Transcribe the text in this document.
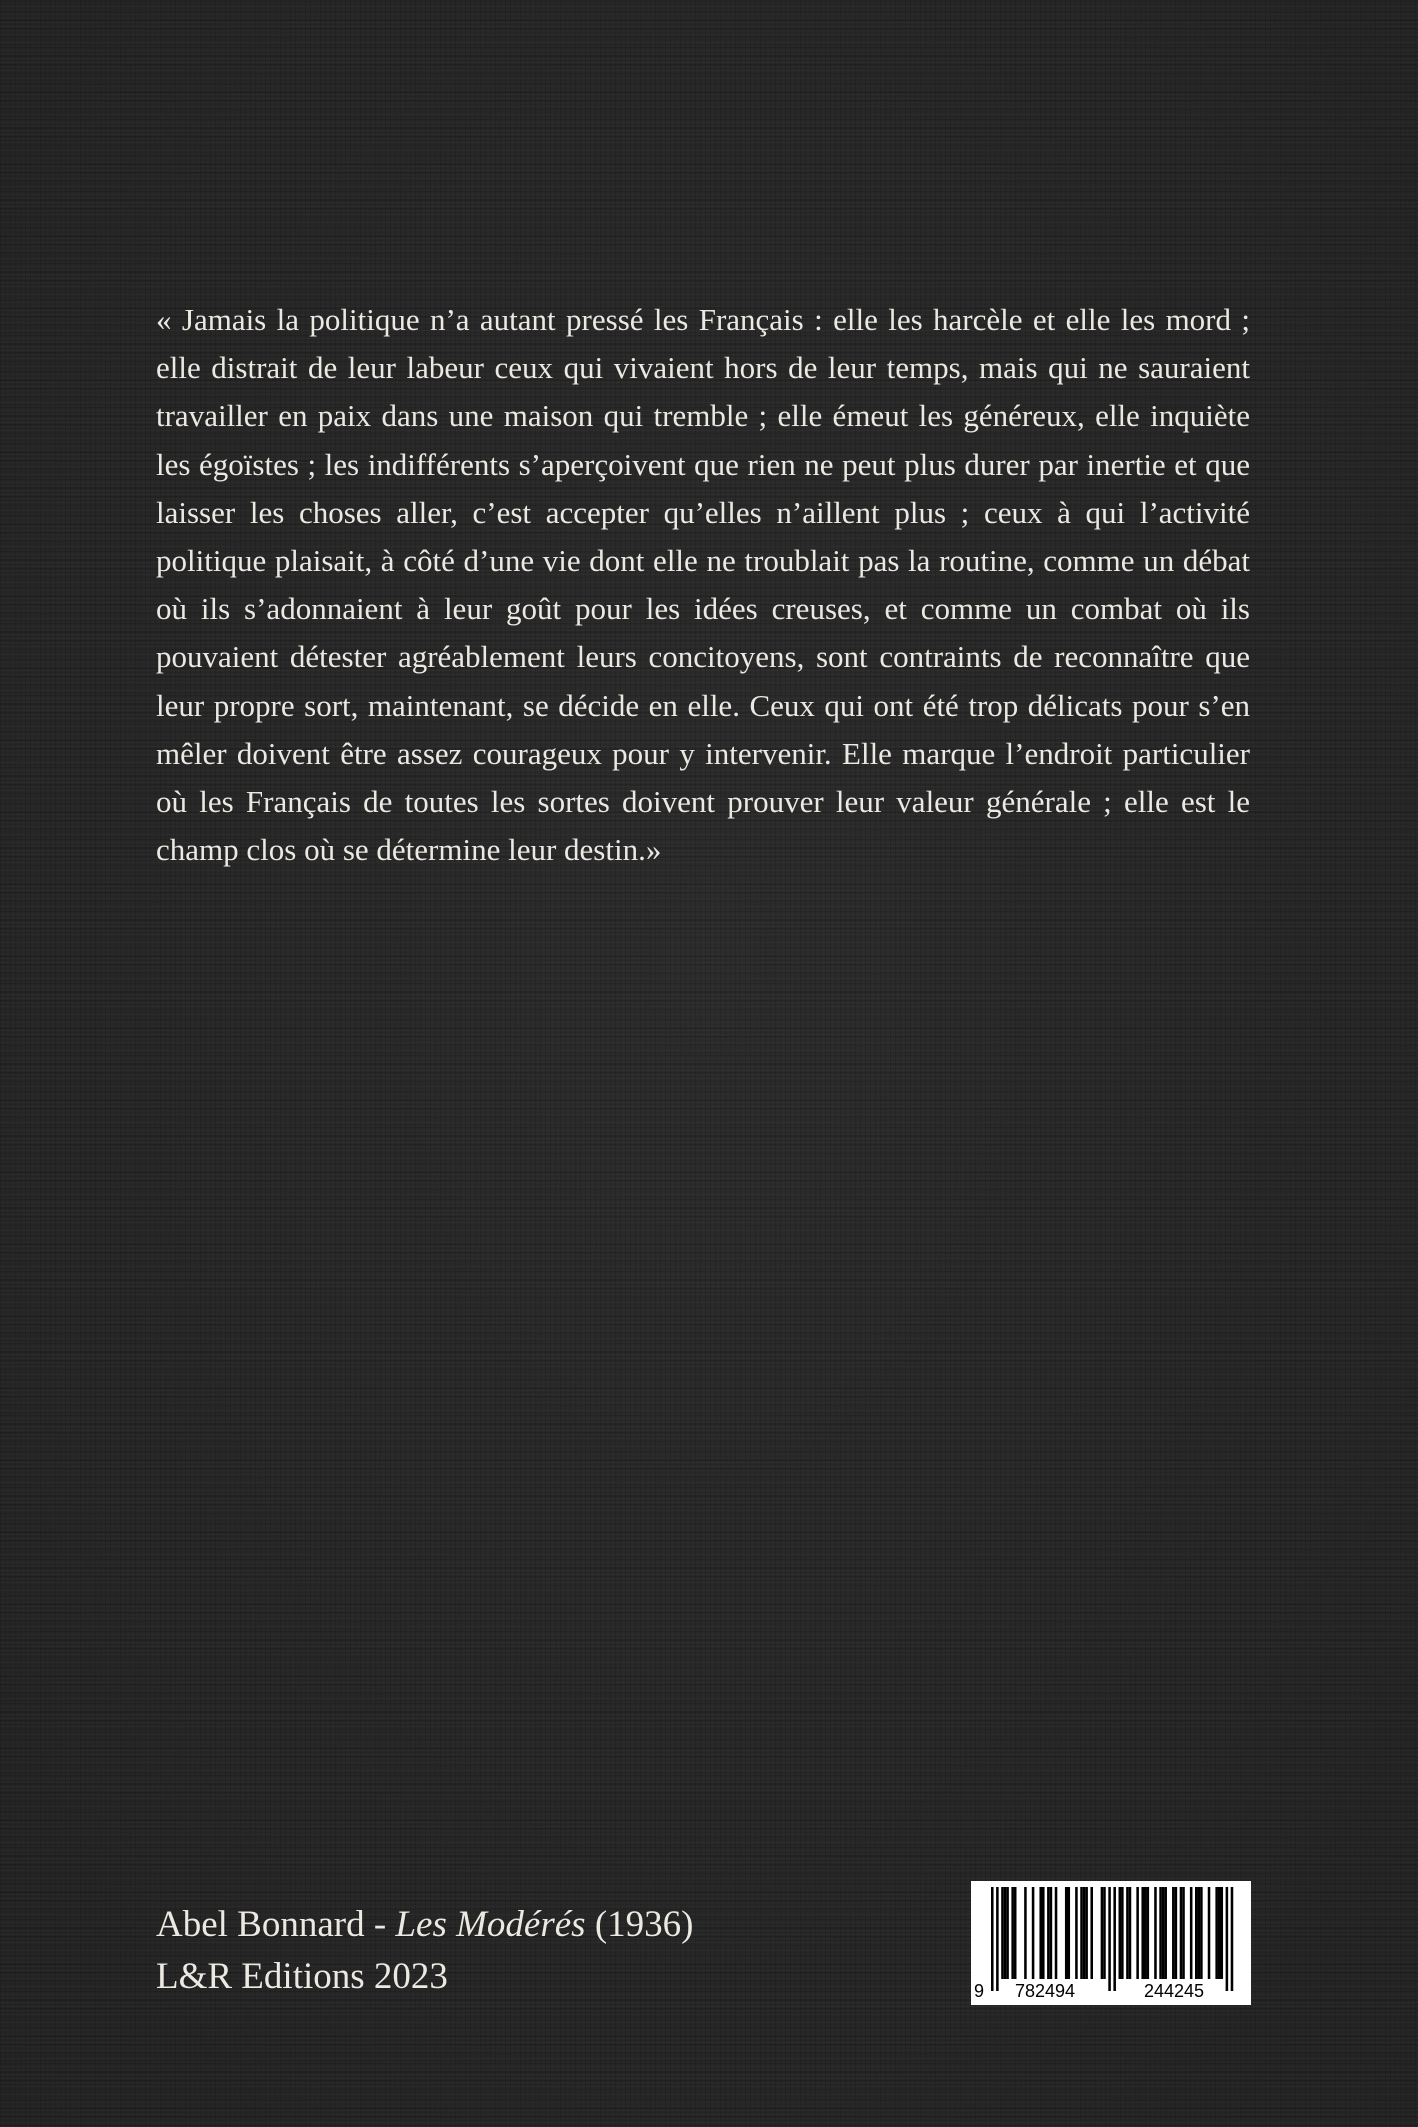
« Jamais la politique n’a autant pressé les Français : elle les harcèle et elle les mord ; elle distrait de leur labeur ceux qui vivaient hors de leur temps, mais qui ne sauraient travailler en paix dans une maison qui tremble ; elle émeut les généreux, elle inquiète les égoïstes ; les indifférents s’aperçoivent que rien ne peut plus durer par inertie et que laisser les choses aller, c’est accepter qu’elles n’aillent plus ; ceux à qui l’activité politique plaisait, à côté d’une vie dont elle ne troublait pas la routine, comme un débat où ils s’adonnaient à leur goût pour les idées creuses, et comme un combat où ils pouvaient détester agréablement leurs concitoyens, sont contraints de reconnaître que leur propre sort, maintenant, se décide en elle. Ceux qui ont été trop délicats pour s’en mêler doivent être assez courageux pour y intervenir. Elle marque l’endroit particulier où les Français de toutes les sortes doivent prouver leur valeur générale ; elle est le champ clos où se détermine leur destin.»

Abel Bonnard - Les Modérés (1936)
L&R Editions 2023	9 782494	244245
